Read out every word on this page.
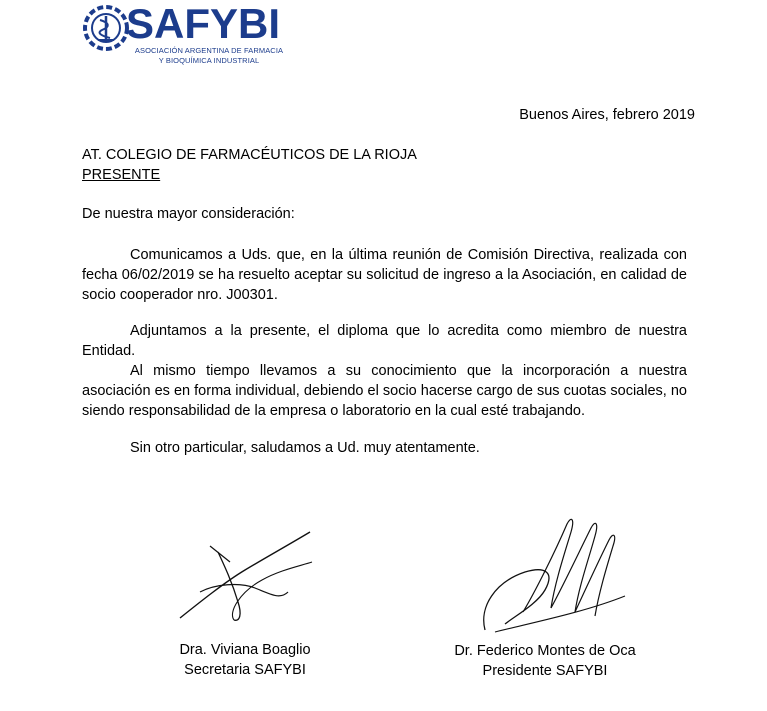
SAFYBI
ASOCIACIÓN ARGENTINA DE FARMACIA
Y BIOQUÍMICA INDUSTRIAL
Buenos Aires, febrero 2019
AT. COLEGIO DE FARMACÉUTICOS DE LA RIOJA
PRESENTE
De nuestra mayor consideración:

Comunicamos a Uds. que, en la última reunión de Comisión Directiva, realizada con fecha 06/02/2019 se ha resuelto aceptar su solicitud de ingreso a la Asociación, en calidad de socio cooperador nro. J00301.

Adjuntamos a la presente, el diploma que lo acredita como miembro de nuestra Entidad.

Al mismo tiempo llevamos a su conocimiento que la incorporación a nuestra asociación es en forma individual, debiendo el socio hacerse cargo de sus cuotas sociales, no siendo responsabilidad de la empresa o laboratorio en la cual esté trabajando.

Sin otro particular, saludamos a Ud. muy atentamente.

Dra. Viviana Boaglio
Secretaria SAFYBI
Dr. Federico Montes de Oca
Presidente SAFYBI
